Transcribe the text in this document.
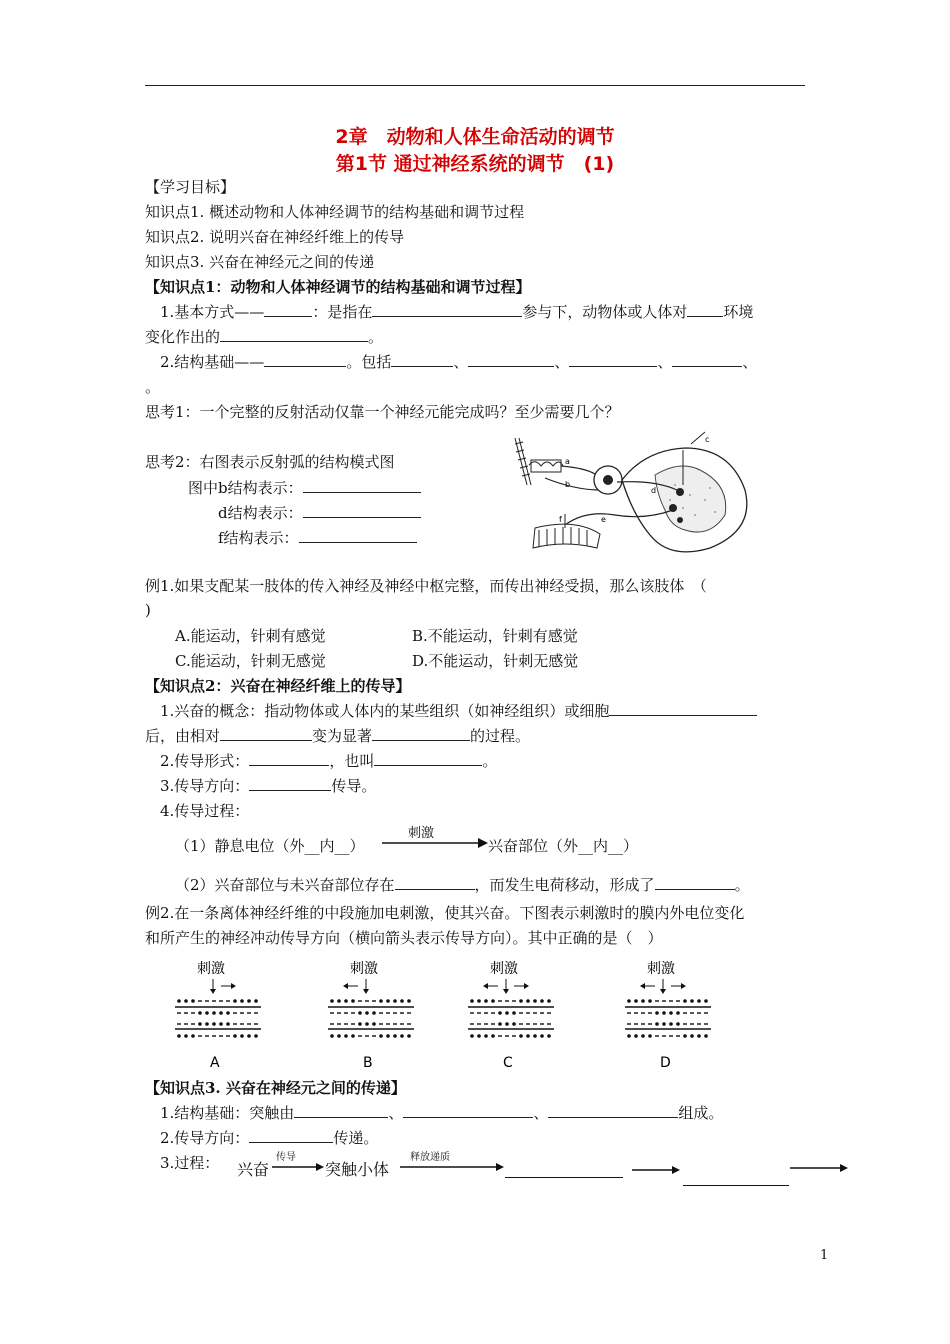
2章　动物和人体生命活动的调节
第1节 通过神经系统的调节　(1)
【学习目标】
知识点1. 概述动物和人体神经调节的结构基础和调节过程
知识点2. 说明兴奋在神经纤维上的传导
知识点3. 兴奋在神经元之间的传递
【知识点1：动物和人体神经调节的结构基础和调节过程】
1.基本方式——	：是指在	参与下，动物体或人体对 环境
变化作出的	。
2.结构基础——	。包括	、	、	、	、
。
思考1：一个完整的反射活动仅靠一个神经元能完成吗？至少需要几个？
思考2：右图表示反射弧的结构模式图
图中b结构表示：
d结构表示：
f结构表示：
a
b
c
d
e
f
例1.如果支配某一肢体的传入神经及神经中枢完整，而传出神经受损，那么该肢体　（
)
A.能运动，针刺有感觉	B.不能运动，针刺有感觉
C.能运动，针刺无感觉	D.不能运动，针刺无感觉
【知识点2：兴奋在神经纤维上的传导】
1.兴奋的概念：指动物体或人体内的某些组织（如神经组织）或细胞
后，由相对	变为显著	的过程。
2.传导形式：	，也叫	。
3.传导方向：	传导。
4.传导过程：
（1）静息电位（外__内__）
刺激
兴奋部位（外__内__）
（2）兴奋部位与未兴奋部位存在	，而发生电荷移动，形成了	。
例2.在一条离体神经纤维的中段施加电刺激，使其兴奋。下图表示刺激时的膜内外电位变化
和所产生的神经冲动传导方向（横向箭头表示传导方向）。其中正确的是（　）
刺激
A
刺激
B
刺激
C
刺激
D
【知识点3. 兴奋在神经元之间的传递】
1.结构基础：突触由	、	、	组成。
2.传导方向：	传递。
3.过程： 兴奋
传导
突触小体
释放递质
1
